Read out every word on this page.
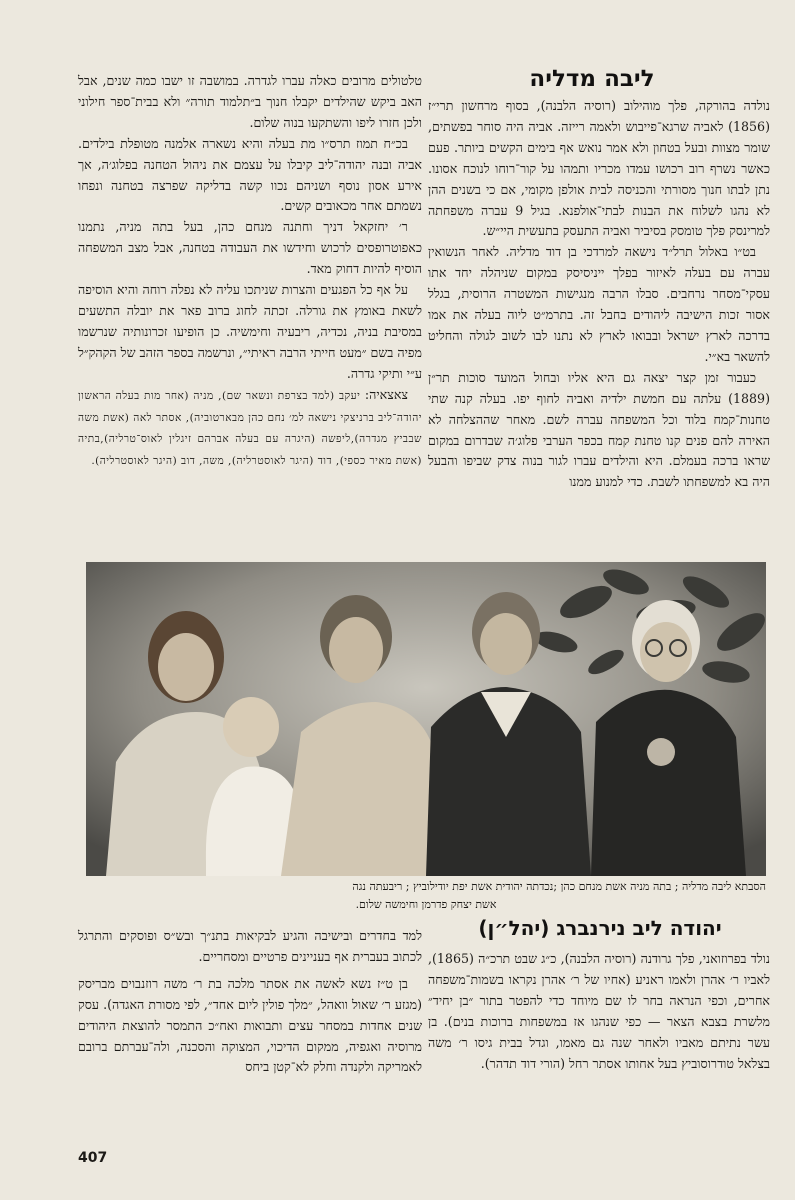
ליבה מדליה

נולדה בהורקה, פלך מוהילוב (רוסיה הלבנה), בסוף מרחשון תרי״ז (1856) לאביה שרגא־פייבוש ולאמה רייזה. אביה היה סוחר בפשתים, שומר מצוות ובעל בטחון ולא אמר נואש אף בימים הקשים ביותר. פעם כאשר נשרף רוב רכושו עמדו מכריו ותמהו על קור־רוחו לנוכח אסונו. נתן לבתו חנוך מסורתי והכניסה לבית אולפן מקומי, אם כי בשנים ההן לא נהגו לשלוח את הבנות לבתי־אולפנא. בגיל 9 עברה משפחתה למרינסק פלך טומסק בסיביר ואביה התעסק בתעשית היי״ש.

בט״ו באלול תרל״ד נישאה למרדכי בן דוד מדליה. לאחר הנשואין עברה עם בעלה לאיזור בפלך ייניסיסק במקום שניהלה יחד אתו עסקי־מסחר נרחבים. סבלו הרבה מנגישות המשטרה הרוסית, בגלל אסור זכות הישיבה ליהודים בחבל זה. בתרמ״ט ליוה בעלה את אמו בדרכה לארץ ישראל ובבואו לארץ לא נתנו לבו לשוב לגולה והחליט להשאר בא״י.

כעבור זמן קצר יצאה גם היא אליו ובחול המועד סוכות תר״ן (1889) עלתה עם חמשת ילדיה ואביה לחוף יפו. בעלה קנה שתי טחנות־קמח בלוד וכל המשפחה עברה לשם. מאחר שההצלחה לא האירה להם פנים קנו טחנת קמח בכפר הערבי פלוג׳ה שבדרום במקום שראו ברכה בעמלם. היא והילדים עברו לגור בנוה צדק שביפו והבעל היה בא למשפחתו לשבת. כדי למנוע ממנו

טלטולים מרובים כאלה עברו לגדרה. במושבה זו ישבו כמה שנים, אבל האב ביקש שהילדים יקבלו חנוך ב״תלמוד תורה״ ולא בבית־ספר חילוני ולכן חזרו ליפו והשתקעו בנוה שלום.

בכ״ח תמוז תרס״ו מת בעלה והיא נשארה אלמנה מטופלת בילדים. אביה ובנה יהודה־ליב קיבלו על עצמם את ניהול הטחנה בפלוג׳ה, אך אירע אסון נוסף ושניהם נכוו קשה בדליקה שפרצה בטחנה ונפחו נשמתם אחר מכאובים קשים.

ר׳ יחזקאל דניך וחתנה מנחם כהן, בעל בתה מניה, נתמנו כאפוטרופסים לרכוש וחידשו את העבודה בטחנה, אבל מצב המשפחה הוסיף להיות דחוק מאד.

על אף כל הפגעים והצרות שניתכו עליה לא נפלה רוחה והיא הוסיפה לשאת באומץ את גורלה. זכתה לחוג ברוב פאר את יובלה התשעים במסיבת בניה, נכדיה, ריבעיה וחימשיה. כן הופיעו זכרונותיה שנרשמו מפיה בשם ״מעט חייתי הרבה ראיתי״, ונרשמה בספר הזהב של הקהק״ל ע״י ותיקי גדרה.

צאצאיה: יעקב (למד בצרפת ונשאר שם), מניה (אחר מות בעלה הראשון יהודה־ליב ברניצקי נישאה למ׳ נחם כהן מבארטוביה), אסתר לאה (אשת משה שבביץ מגדרה),ליפשה (היגרה עם בעלה אברהם זיגלין לאוס־טרליה),בתיה (אשת מאיר כספי), דוד (היגר לאוסטרליה), משה, דוב (היגר לאוסטרליה).

הסבתא ליבה מדליה ; בתה מניה אשת מנחם כהן ;נכדתה יהודית אשת יפת יודילוביץ ; ריבעתה נגה

אשת יצחק פדרמן וחימשה שלום.

יהודה ליב נירנברג (יהל״ן)

נולד בפרוזואני, פלך גרודנה (רוסיה הלבנה), כ״ג שבט תרכ״ה (1865), לאביו ר׳ אהרן ולאמו ראניע (אחיו של ר׳ אהרן נקראו בשמות־משפחה אחרים, וכפי הנראה בחר לו שם מיוחד כדי להפטר בתור ״בן יחיד״ מלשרת בצבא הצאר — כפי שנהגו אז במשפחות ברוכות בנים). בן עשר נתיתם מאביו ולאחר שנה גם מאמו, וגדל בבית גיסו ר׳ משה בצלאל טודרוסוביץ בעל אחותו אסתר רחל (הורי דוד תדהר).

למד בחדרים ובישיבה והגיע לבקיאות בתנ״ך ובש״ס ופוסקים והתרגל לכתוב בעברית אף בעניינים פרטיים ומסחריים.

בן ט״ז נשא לאשה את אסתר מלכה בת ר׳ משה רוזנבוים מבריסק (מגזע ר׳ שאול וואהל, ״מלך פולין ליום אחד״, לפי מסורת האגדה). עסק שנים אחדות במסחר עצים ותבואות ואח״כ התמסר להוצאת היהודים מרוסיה ואגפיה, ממקום הדיכוי, המצוקה והסכנה, ולה־עברתם ברובם לאמריקה ולקנדה וחלק לא־קטן ביחס

407
